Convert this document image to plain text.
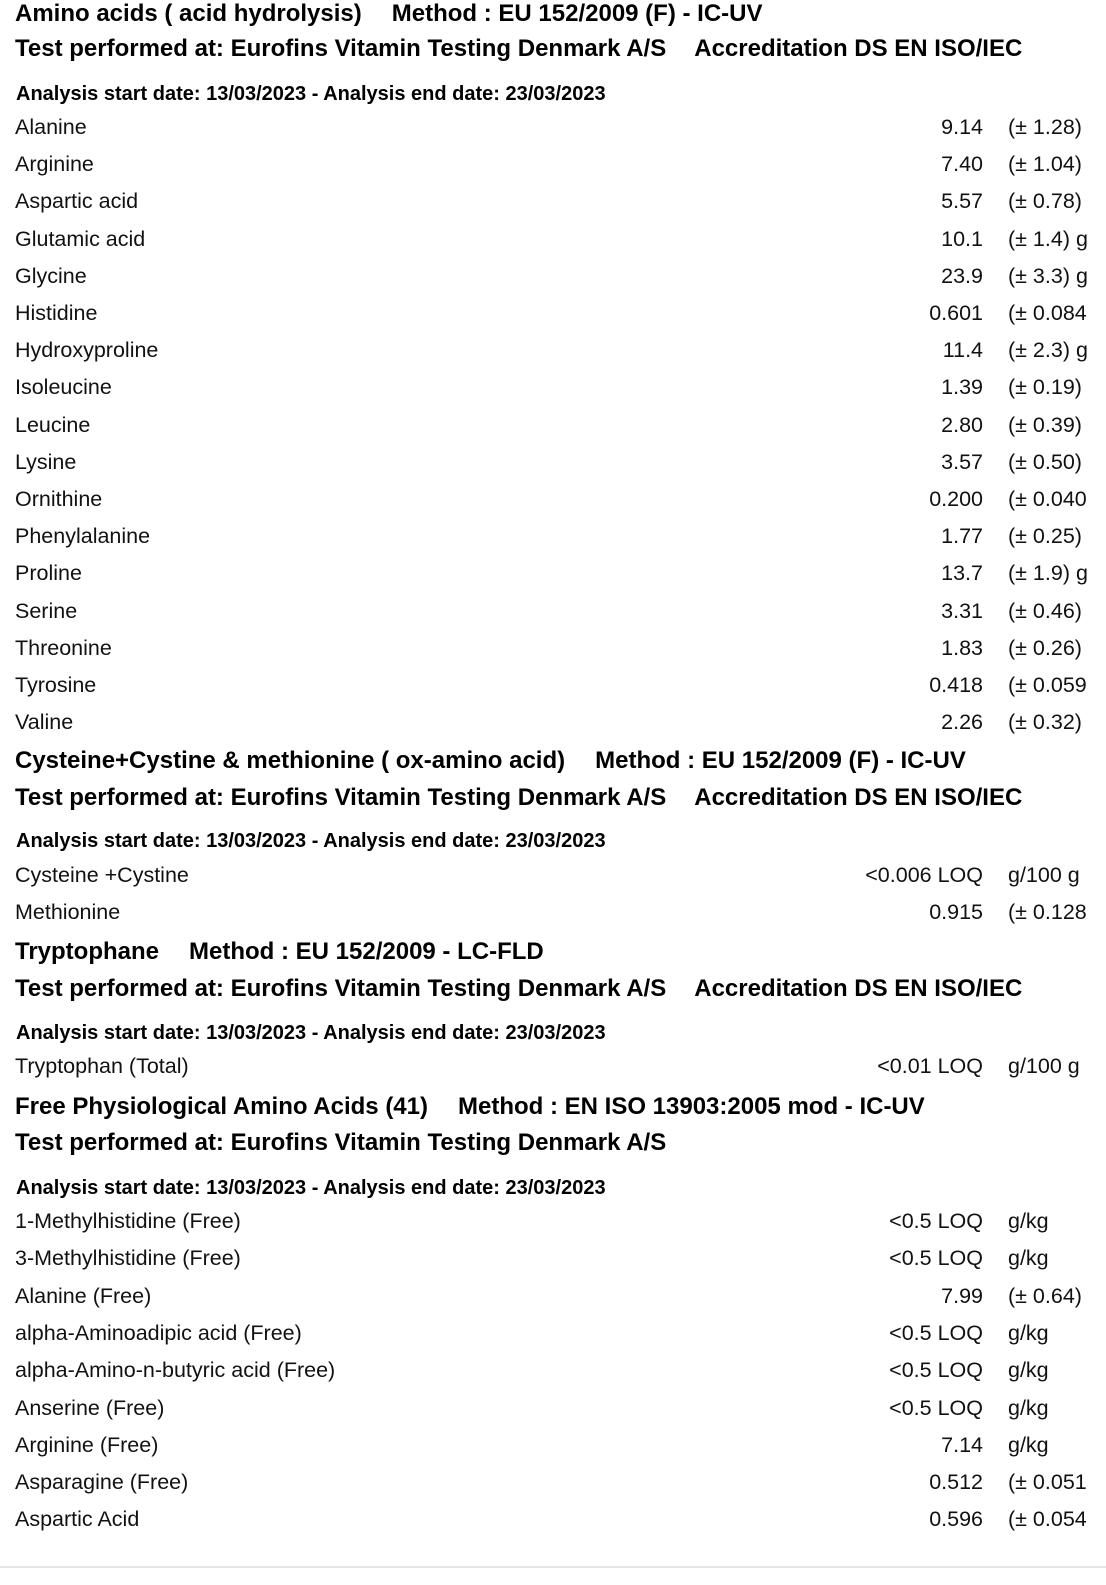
Amino acids ( acid hydrolysis) Method : EU 152/2009 (F) - IC-UV
Test performed at: Eurofins Vitamin Testing Denmark A/S Accreditation DS EN ISO/IEC
Analysis start date: 13/03/2023 - Analysis end date: 23/03/2023
Alanine	9.14 (± 1.28)
Arginine	7.40 (± 1.04)
Aspartic acid	5.57 (± 0.78)
Glutamic acid	10.1 (± 1.4) g
Glycine	23.9 (± 3.3) g
Histidine	0.601 (± 0.084
Hydroxyproline	11.4 (± 2.3) g
Isoleucine	1.39 (± 0.19)
Leucine	2.80 (± 0.39)
Lysine	3.57 (± 0.50)
Ornithine	0.200 (± 0.040
Phenylalanine	1.77 (± 0.25)
Proline	13.7 (± 1.9) g
Serine	3.31 (± 0.46)
Threonine	1.83 (± 0.26)
Tyrosine	0.418 (± 0.059
Valine	2.26 (± 0.32)
Cysteine+Cystine & methionine ( ox-amino acid) Method : EU 152/2009 (F) - IC-UV
Test performed at: Eurofins Vitamin Testing Denmark A/S Accreditation DS EN ISO/IEC
Analysis start date: 13/03/2023 - Analysis end date: 23/03/2023
Cysteine +Cystine	<0.006 LOQ g/100 g
Methionine	0.915 (± 0.128
Tryptophane Method : EU 152/2009 - LC-FLD
Test performed at: Eurofins Vitamin Testing Denmark A/S Accreditation DS EN ISO/IEC
Analysis start date: 13/03/2023 - Analysis end date: 23/03/2023
Tryptophan (Total)	<0.01 LOQ g/100 g
Free Physiological Amino Acids (41) Method : EN ISO 13903:2005 mod - IC-UV
Test performed at: Eurofins Vitamin Testing Denmark A/S
Analysis start date: 13/03/2023 - Analysis end date: 23/03/2023
1-Methylhistidine (Free)	<0.5 LOQ g/kg
3-Methylhistidine (Free)	<0.5 LOQ g/kg
Alanine (Free)	7.99 (± 0.64)
alpha-Aminoadipic acid (Free)	<0.5 LOQ g/kg
alpha-Amino-n-butyric acid (Free)	<0.5 LOQ g/kg
Anserine (Free)	<0.5 LOQ g/kg
Arginine (Free)	7.14 g/kg
Asparagine (Free)	0.512 (± 0.051
Aspartic Acid	0.596 (± 0.054
